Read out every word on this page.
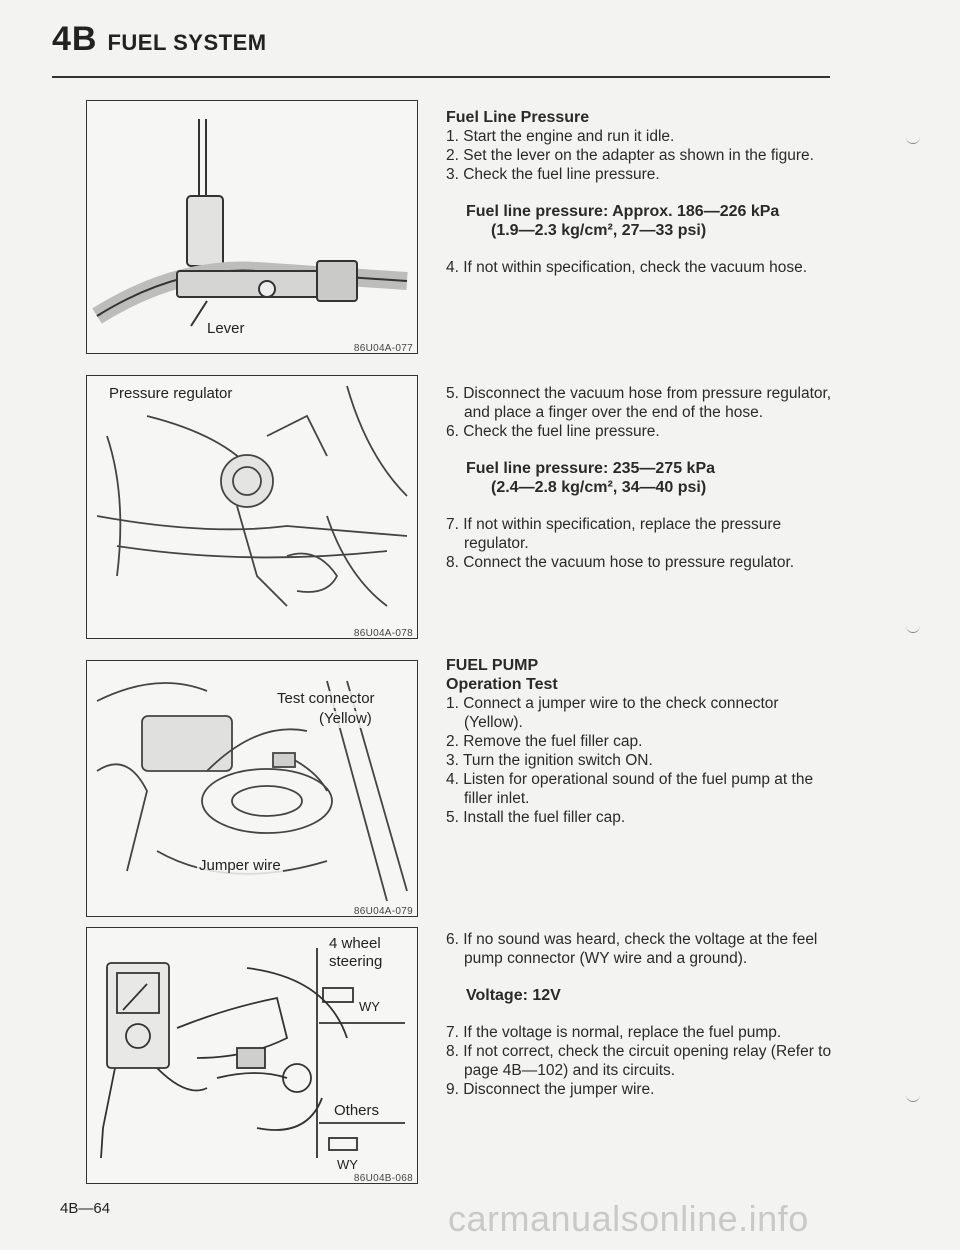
4B FUEL SYSTEM
Lever
86U04A-077
Pressure regulator
86U04A-078
Test connector
(Yellow)
Jumper wire
86U04A-079
4 wheel
steering
WY
Others
WY
86U04B-068
Fuel Line Pressure
1. Start the engine and run it idle.
2. Set the lever on the adapter as shown in the figure.
3. Check the fuel line pressure.
Fuel line pressure: Approx. 186—226 kPa
(1.9—2.3 kg/cm², 27—33 psi)
4. If not within specification, check the vacuum hose.
5. Disconnect the vacuum hose from pressure regulator, and place a finger over the end of the hose.
6. Check the fuel line pressure.
Fuel line pressure: 235—275 kPa
(2.4—2.8 kg/cm², 34—40 psi)
7. If not within specification, replace the pressure regulator.
8. Connect the vacuum hose to pressure regulator.
FUEL PUMP
Operation Test
1. Connect a jumper wire to the check connector (Yellow).
2. Remove the fuel filler cap.
3. Turn the ignition switch ON.
4. Listen for operational sound of the fuel pump at the filler inlet.
5. Install the fuel filler cap.
6. If no sound was heard, check the voltage at the feel pump connector (WY wire and a ground).
Voltage: 12V
7. If the voltage is normal, replace the fuel pump.
8. If not correct, check the circuit opening relay (Refer to page 4B—102) and its circuits.
9. Disconnect the jumper wire.
4B—64	carmanualsonline.info
